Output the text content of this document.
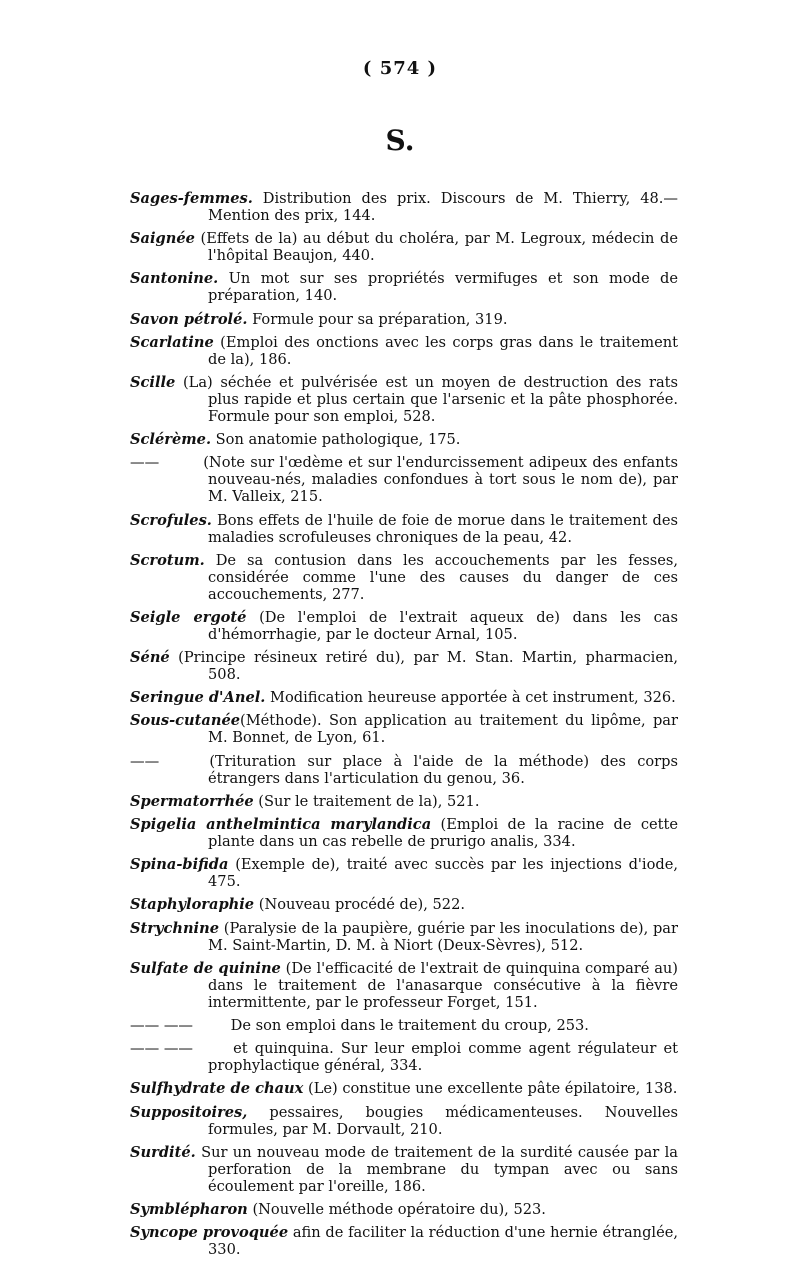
( 574 )
S.

Sages-femmes. Distribution des prix. Discours de M. Thierry, 48.—Mention des prix, 144.

Saignée (Effets de la) au début du choléra, par M. Legroux, médecin de l'hôpital Beaujon, 440.

Santonine. Un mot sur ses propriétés vermifuges et son mode de préparation, 140.

Savon pétrolé. Formule pour sa préparation, 319.

Scarlatine (Emploi des onctions avec les corps gras dans le traitement de la), 186.

Scille (La) séchée et pulvérisée est un moyen de destruction des rats plus rapide et plus certain que l'arsenic et la pâte phosphorée. Formule pour son emploi, 528.

Sclérème. Son anatomie pathologique, 175.

——	(Note sur l'œdème et sur l'endurcissement adipeux des enfants nouveau-nés, maladies confondues à tort sous le nom de), par M. Valleix, 215.

Scrofules. Bons effets de l'huile de foie de morue dans le traitement des maladies scrofuleuses chroniques de la peau, 42.

Scrotum. De sa contusion dans les accouchements par les fesses, considérée comme l'une des causes du danger de ces accouchements, 277.

Seigle ergoté (De l'emploi de l'extrait aqueux de) dans les cas d'hémorrhagie, par le docteur Arnal, 105.

Séné (Principe résineux retiré du), par M. Stan. Martin, pharmacien, 508.

Seringue d'Anel. Modification heureuse apportée à cet instrument, 326.

Sous-cutanée(Méthode). Son application au traitement du lipôme, par M. Bonnet, de Lyon, 61.

——	(Trituration sur place à l'aide de la méthode) des corps étrangers dans l'articulation du genou, 36.

Spermatorrhée (Sur le traitement de la), 521.

Spigelia anthelmintica marylandica (Emploi de la racine de cette plante dans un cas rebelle de prurigo analis, 334.

Spina-bifida (Exemple de), traité avec succès par les injections d'iode, 475.

Staphyloraphie (Nouveau procédé de), 522.

Strychnine (Paralysie de la paupière, guérie par les inoculations de), par M. Saint-Martin, D. M. à Niort (Deux-Sèvres), 512.

Sulfate de quinine (De l'efficacité de l'extrait de quinquina comparé au) dans le traitement de l'anasarque consécutive à la fièvre intermittente, par le professeur Forget, 151.

—— —— De son emploi dans le traitement du croup, 253.

—— —— et quinquina. Sur leur emploi comme agent régulateur et prophylactique général, 334.

Sulfhydrate de chaux (Le) constitue une excellente pâte épilatoire, 138.

Suppositoires, pessaires, bougies médicamenteuses. Nouvelles formules, par M. Dorvault, 210.

Surdité. Sur un nouveau mode de traitement de la surdité causée par la perforation de la membrane du tympan avec ou sans écoulement par l'oreille, 186.

Symblépharon (Nouvelle méthode opératoire du), 523.

Syncope provoquée afin de faciliter la réduction d'une hernie étranglée, 330.
